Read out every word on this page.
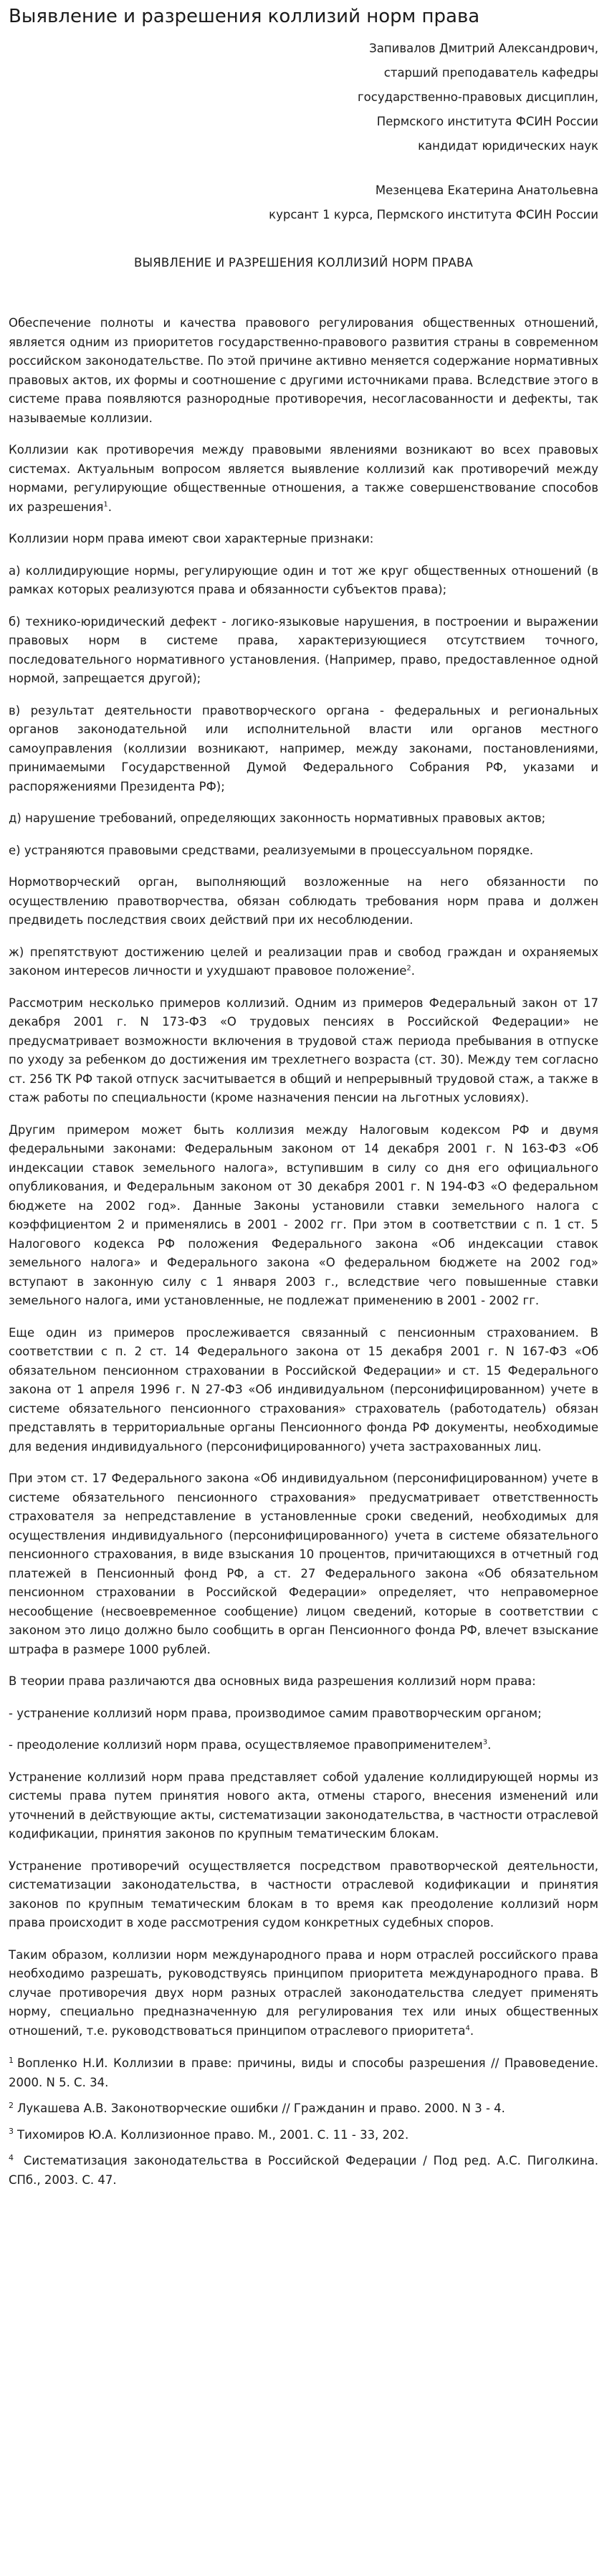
Выявление и разрешения коллизий норм права
Запивалов Дмитрий Александрович,
старший преподаватель кафедры
государственно-правовых дисциплин,
Пермского института ФСИН России
кандидат юридических наук
Мезенцева Екатерина Анатольевна
курсант 1 курса, Пермского института ФСИН России
ВЫЯВЛЕНИЕ И РАЗРЕШЕНИЯ КОЛЛИЗИЙ НОРМ ПРАВА

Обеспечение полноты и качества правового регулирования общественных отношений, является одним из приоритетов государственно-правового развития страны в современном российском законодательстве. По этой причине активно меняется содержание нормативных правовых актов, их формы и соотношение с другими источниками права. Вследствие этого в системе права появляются разнородные противоречия, несогласованности и дефекты, так называемые коллизии.

Коллизии как противоречия между правовыми явлениями возникают во всех правовых системах. Актуальным вопросом является выявление коллизий как противоречий между нормами, регулирующие общественные отношения, а также совершенствование способов их разрешения$^1$.

Коллизии норм права имеют свои характерные признаки:

а) коллидирующие нормы, регулирующие один и тот же круг общественных отношений (в рамках которых реализуются права и обязанности субъектов права);

б) технико-юридический дефект - логико-языковые нарушения, в построении и выражении правовых норм в системе права, характеризующиеся отсутствием точного, последовательного нормативного установления. (Например, право, предоставленное одной нормой, запрещается другой);

в) результат деятельности правотворческого органа - федеральных и региональных органов законодательной или исполнительной власти или органов местного самоуправления (коллизии возникают, например, между законами, постановлениями, принимаемыми Государственной Думой Федерального Собрания РФ, указами и распоряжениями Президента РФ);

д) нарушение требований, определяющих законность нормативных правовых актов;

е) устраняются правовыми средствами, реализуемыми в процессуальном порядке.

Нормотворческий орган, выполняющий возложенные на него обязанности по осуществлению правотворчества, обязан соблюдать требования норм права и должен предвидеть последствия своих действий при их несоблюдении.

ж) препятствуют достижению целей и реализации прав и свобод граждан и охраняемых законом интересов личности и ухудшают правовое положение$^2$.

Рассмотрим несколько примеров коллизий. Одним из примеров Федеральный закон от 17 декабря 2001 г. N 173-ФЗ «О трудовых пенсиях в Российской Федерации» не предусматривает возможности включения в трудовой стаж периода пребывания в отпуске по уходу за ребенком до достижения им трехлетнего возраста (ст. 30). Между тем согласно ст. 256 ТК РФ такой отпуск засчитывается в общий и непрерывный трудовой стаж, а также в стаж работы по специальности (кроме назначения пенсии на льготных условиях).

Другим примером может быть коллизия между Налоговым кодексом РФ и двумя федеральными законами: Федеральным законом от 14 декабря 2001 г. N 163-ФЗ «Об индексации ставок земельного налога», вступившим в силу со дня его официального опубликования, и Федеральным законом от 30 декабря 2001 г. N 194-ФЗ «О федеральном бюджете на 2002 год». Данные Законы установили ставки земельного налога с коэффициентом 2 и применялись в 2001 - 2002 гг. При этом в соответствии с п. 1 ст. 5 Налогового кодекса РФ положения Федерального закона «Об индексации ставок земельного налога» и Федерального закона «О федеральном бюджете на 2002 год» вступают в законную силу с 1 января 2003 г., вследствие чего повышенные ставки земельного налога, ими установленные, не подлежат применению в 2001 - 2002 гг.

Еще один из примеров прослеживается связанный с пенсионным страхованием. В соответствии с п. 2 ст. 14 Федерального закона от 15 декабря 2001 г. N 167-ФЗ «Об обязательном пенсионном страховании в Российской Федерации» и ст. 15 Федерального закона от 1 апреля 1996 г. N 27-ФЗ «Об индивидуальном (персонифицированном) учете в системе обязательного пенсионного страхования» страхователь (работодатель) обязан представлять в территориальные органы Пенсионного фонда РФ документы, необходимые для ведения индивидуального (персонифицированного) учета застрахованных лиц.

При этом ст. 17 Федерального закона «Об индивидуальном (персонифицированном) учете в системе обязательного пенсионного страхования» предусматривает ответственность страхователя за непредставление в установленные сроки сведений, необходимых для осуществления индивидуального (персонифицированного) учета в системе обязательного пенсионного страхования, в виде взыскания 10 процентов, причитающихся в отчетный год платежей в Пенсионный фонд РФ, а ст. 27 Федерального закона «Об обязательном пенсионном страховании в Российской Федерации» определяет, что неправомерное несообщение (несвоевременное сообщение) лицом сведений, которые в соответствии с законом это лицо должно было сообщить в орган Пенсионного фонда РФ, влечет взыскание штрафа в размере 1000 рублей.

В теории права различаются два основных вида разрешения коллизий норм права:

- устранение коллизий норм права, производимое самим правотворческим органом;

- преодоление коллизий норм права, осуществляемое правоприменителем$^3$.

Устранение коллизий норм права представляет собой удаление коллидирующей нормы из системы права путем принятия нового акта, отмены старого, внесения изменений или уточнений в действующие акты, систематизации законодательства, в частности отраслевой кодификации, принятия законов по крупным тематическим блокам.

Устранение противоречий осуществляется посредством правотворческой деятельности, систематизации законодательства, в частности отраслевой кодификации и принятия законов по крупным тематическим блокам в то время как преодоление коллизий норм права происходит в ходе рассмотрения судом конкретных судебных споров.

Таким образом, коллизии норм международного права и норм отраслей российского права необходимо разрешать, руководствуясь принципом приоритета международного права. В случае противоречия двух норм разных отраслей законодательства следует применять норму, специально предназначенную для регулирования тех или иных общественных отношений, т.е. руководствоваться принципом отраслевого приоритета$^4$.

$^1$ Вопленко Н.И. Коллизии в праве: причины, виды и способы разрешения // Правоведение. 2000. N 5. С. 34.
$^2$ Лукашева А.В. Законотворческие ошибки // Гражданин и право. 2000. N 3 - 4.
$^3$ Тихомиров Ю.А. Коллизионное право. М., 2001. С. 11 - 33, 202.
$^4$ Систематизация законодательства в Российской Федерации / Под ред. А.С. Пиголкина. СПб., 2003. С. 47.
